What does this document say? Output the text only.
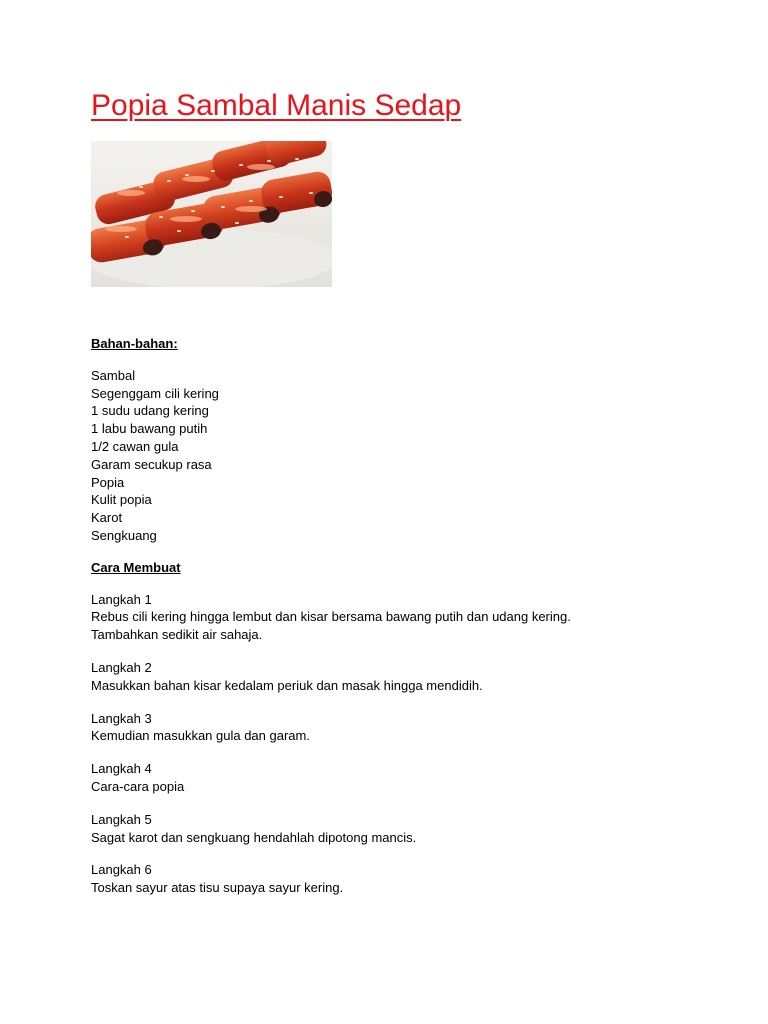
Popia Sambal Manis Sedap

Bahan-bahan:

Sambal

Segenggam cili kering

1 sudu udang kering

1 labu bawang putih

1/2 cawan gula

Garam secukup rasa

Popia

Kulit popia

Karot

Sengkuang

Cara Membuat

Langkah 1

Rebus cili kering hingga lembut dan kisar bersama bawang putih dan udang kering.

Tambahkan sedikit air sahaja.

Langkah 2

Masukkan bahan kisar kedalam periuk dan masak hingga mendidih.

Langkah 3

Kemudian masukkan gula dan garam.

Langkah 4

Cara-cara popia

Langkah 5

Sagat karot dan sengkuang hendahlah dipotong mancis.

Langkah 6

Toskan sayur atas tisu supaya sayur kering.
